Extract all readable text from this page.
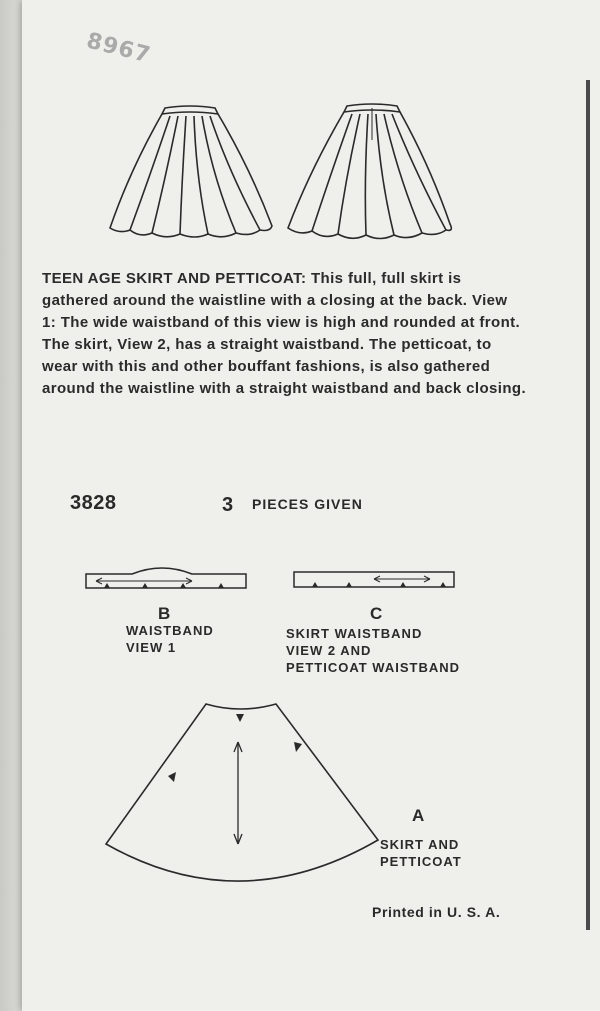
8967
TEEN AGE SKIRT AND PETTICOAT: This full, full skirt is gathered around the waistline with a closing at the back. View 1: The wide waistband of this view is high and rounded at front. The skirt, View 2, has a straight waistband. The petticoat, to wear with this and other bouffant fashions, is also gathered around the waistline with a straight waistband and back closing.
3828	3 PIECES GIVEN
B
WAISTBAND
VIEW 1
C
SKIRT WAISTBAND
VIEW 2 AND
PETTICOAT WAISTBAND
A
SKIRT AND
PETTICOAT
Printed in U. S. A.
